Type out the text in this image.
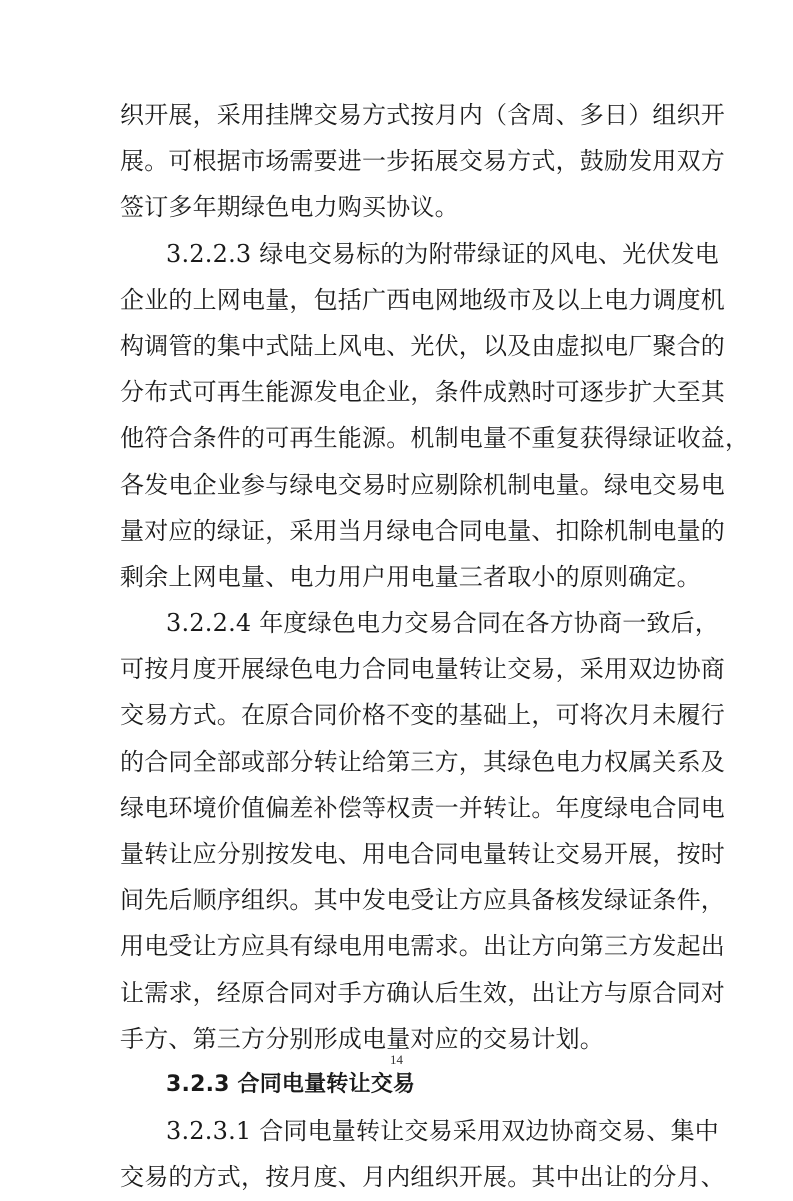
织开展，采用挂牌交易方式按月内（含周、多日）组织开
展。可根据市场需要进一步拓展交易方式，鼓励发用双方
签订多年期绿色电力购买协议。
3.2.2.3 绿电交易标的为附带绿证的风电、光伏发电
企业的上网电量，包括广西电网地级市及以上电力调度机
构调管的集中式陆上风电、光伏，以及由虚拟电厂聚合的
分布式可再生能源发电企业，条件成熟时可逐步扩大至其
他符合条件的可再生能源。机制电量不重复获得绿证收益，
各发电企业参与绿电交易时应剔除机制电量。绿电交易电
量对应的绿证，采用当月绿电合同电量、扣除机制电量的
剩余上网电量、电力用户用电量三者取小的原则确定。
3.2.2.4 年度绿色电力交易合同在各方协商一致后，
可按月度开展绿色电力合同电量转让交易，采用双边协商
交易方式。在原合同价格不变的基础上，可将次月未履行
的合同全部或部分转让给第三方，其绿色电力权属关系及
绿电环境价值偏差补偿等权责一并转让。年度绿电合同电
量转让应分别按发电、用电合同电量转让交易开展，按时
间先后顺序组织。其中发电受让方应具备核发绿证条件，
用电受让方应具有绿电用电需求。出让方向第三方发起出
让需求，经原合同对手方确认后生效，出让方与原合同对
手方、第三方分别形成电量对应的交易计划。
3.2.3 合同电量转让交易
3.2.3.1 合同电量转让交易采用双边协商交易、集中
交易的方式，按月度、月内组织开展。其中出让的分月、
14
